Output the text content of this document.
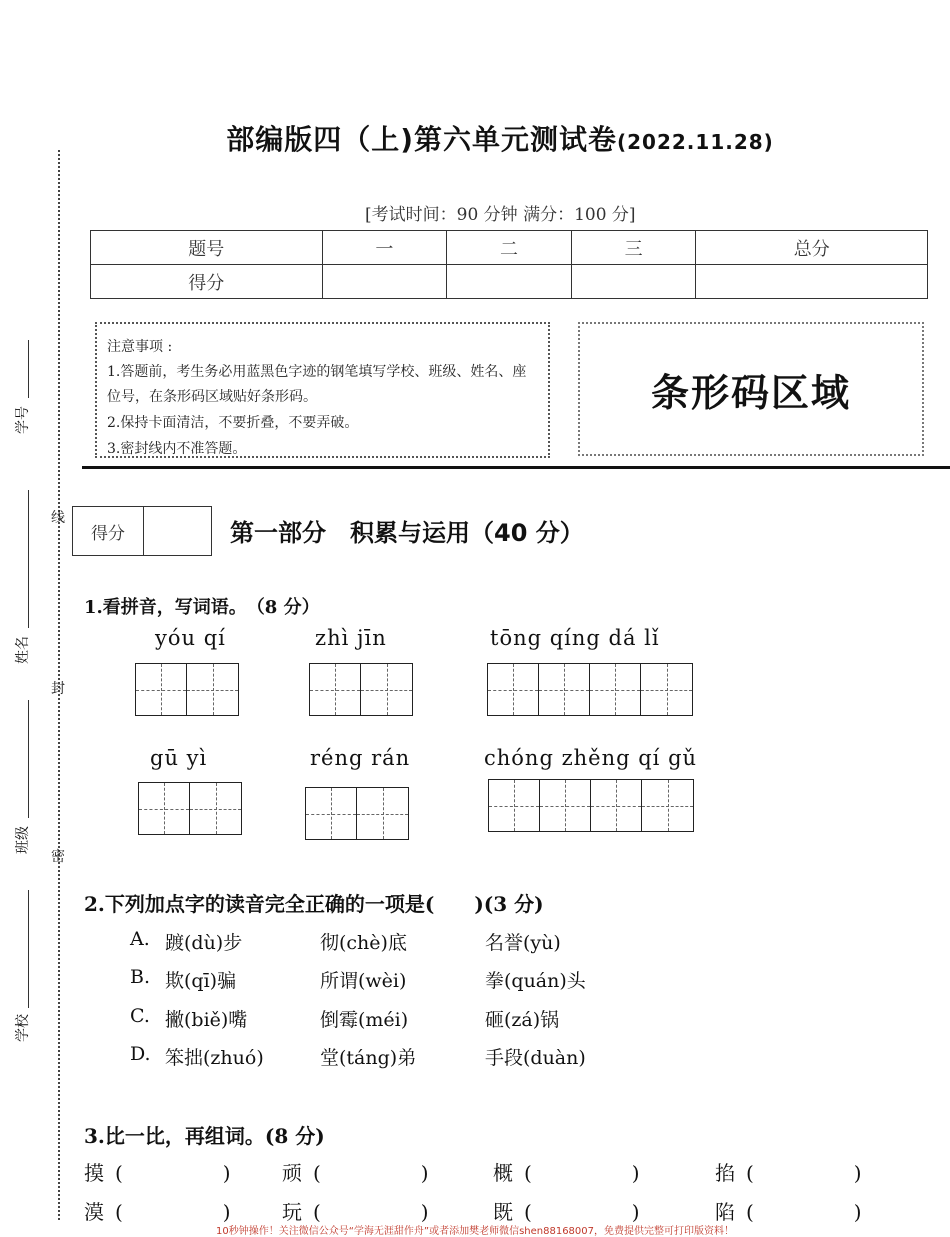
部编版四（上)第六单元测试卷(2022.11.28)
[考试时间：90 分钟 满分：100 分]
题号	一	二	三	总分
得分				
注意事项 :
1.答题前，考生务必用蓝黑色字迹的钢笔填写学校、班级、姓名、座位号，在条形码区域贴好条形码。
2.保持卡面清洁，不要折叠，不要弄破。
3.密封线内不准答题。
条形码区域
线
封
密
学号
姓名
班级
学校
得分	第一部分　积累与运用（40 分）
1.看拼音，写词语。　（8 分）
yóu qí	zhì jīn	tōng qíng dá lǐ
gū yì	réng rán	chóng zhěng qí gǔ
2.下列加点字的读音完全正确的一项是(　　)(3 分)
A. 踱(dù)步	彻(chè)底	名誉(yù)
B. 欺(qī)骗	所谓(wèi)	拳(quán)头
C. 撇(biě)嘴	倒霉(méi)	砸(zá)锅
D. 笨拙(zhuó)	堂(táng)弟	手段(duàn)
3.比一比，再组词。(8 分)
摸 (　　　　　)	顽 (　　　　　)	概 (　　　　　)	掐 (　　　　　)
漠 (　　　　　)	玩 (　　　　　)	既 (　　　　　)	陷 (　　　　　)
10秒钟操作！关注微信公众号“学海无涯甜作舟”或者添加樊老师微信shen88168007，免费提供完整可打印版资料！
